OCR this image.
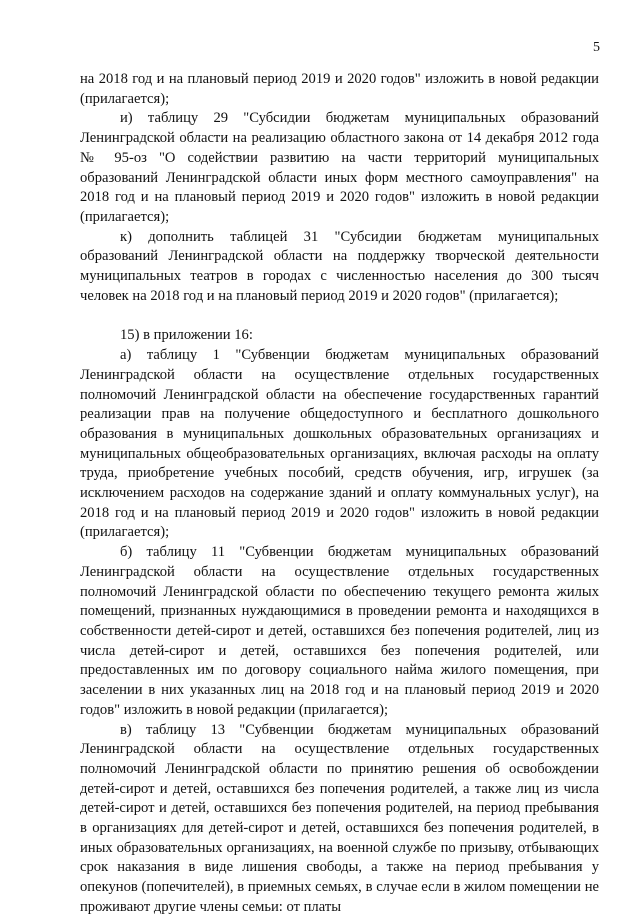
5

на 2018 год и на плановый период 2019 и 2020 годов" изложить в новой редакции (прилагается);

и) таблицу 29 "Субсидии бюджетам муниципальных образований Ленинградской области на реализацию областного закона от 14 декабря 2012 года № 95-оз "О содействии развитию на части территорий муниципальных образований Ленинградской области иных форм местного самоуправления" на 2018 год и на плановый период 2019 и 2020 годов" изложить в новой редакции (прилагается);

к) дополнить таблицей 31 "Субсидии бюджетам муниципальных образований Ленинградской области на поддержку творческой деятельности муниципальных театров в городах с численностью населения до 300 тысяч человек на 2018 год и на плановый период 2019 и 2020 годов" (прилагается);

15) в приложении 16:

а) таблицу 1 "Субвенции бюджетам муниципальных образований Ленинградской области на осуществление отдельных государственных полномочий Ленинградской области на обеспечение государственных гарантий реализации прав на получение общедоступного и бесплатного дошкольного образования в муниципальных дошкольных образовательных организациях и муниципальных общеобразовательных организациях, включая расходы на оплату труда, приобретение учебных пособий, средств обучения, игр, игрушек (за исключением расходов на содержание зданий и оплату коммунальных услуг), на 2018 год и на плановый период 2019 и 2020 годов" изложить в новой редакции (прилагается);

б) таблицу 11 "Субвенции бюджетам муниципальных образований Ленинградской области на осуществление отдельных государственных полномочий Ленинградской области по обеспечению текущего ремонта жилых помещений, признанных нуждающимися в проведении ремонта и находящихся в собственности детей-сирот и детей, оставшихся без попечения родителей, лиц из числа детей-сирот и детей, оставшихся без попечения родителей, или предоставленных им по договору социального найма жилого помещения, при заселении в них указанных лиц на 2018 год и на плановый период 2019 и 2020 годов" изложить в новой редакции (прилагается);

в) таблицу 13 "Субвенции бюджетам муниципальных образований Ленинградской области на осуществление отдельных государственных полномочий Ленинградской области по принятию решения об освобождении детей-сирот и детей, оставшихся без попечения родителей, а также лиц из числа детей-сирот и детей, оставшихся без попечения родителей, на период пребывания в организациях для детей-сирот и детей, оставшихся без попечения родителей, в иных образовательных организациях, на военной службе по призыву, отбывающих срок наказания в виде лишения свободы, а также на период пребывания у опекунов (попечителей), в приемных семьях, в случае если в жилом помещении не проживают другие члены семьи: от платы
